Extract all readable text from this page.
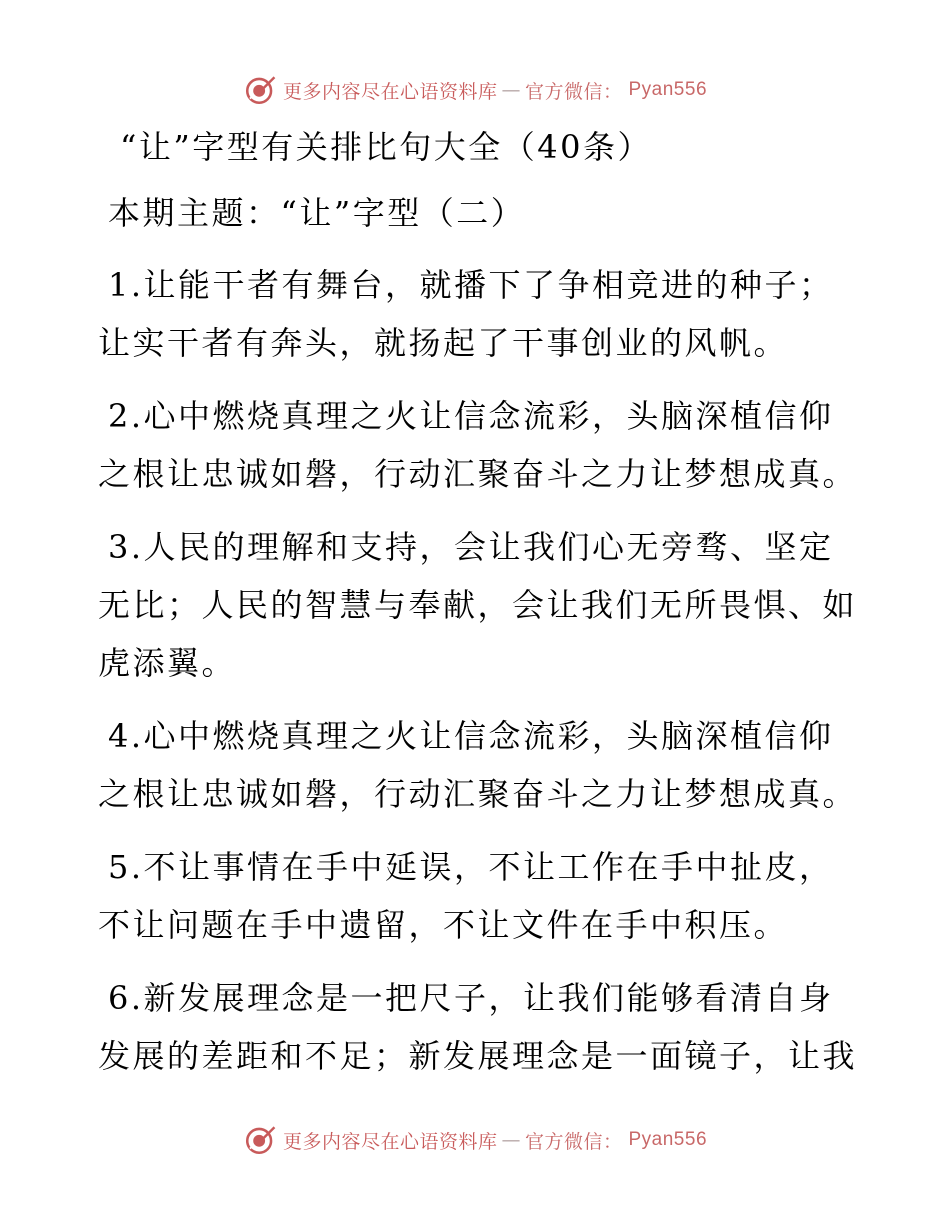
更多内容尽在心语资料库 — 官方微信： Pyan556
“让”字型有关排比句大全（40条）
本期主题：“让”字型（二）
1.让能干者有舞台，就播下了争相竞进的种子；
让实干者有奔头，就扬起了干事创业的风帆。
2.心中燃烧真理之火让信念流彩，头脑深植信仰
之根让忠诚如磐，行动汇聚奋斗之力让梦想成真。
3.人民的理解和支持，会让我们心无旁骛、坚定
无比；人民的智慧与奉献，会让我们无所畏惧、如
虎添翼。
4.心中燃烧真理之火让信念流彩，头脑深植信仰
之根让忠诚如磐，行动汇聚奋斗之力让梦想成真。
5.不让事情在手中延误，不让工作在手中扯皮，
不让问题在手中遗留，不让文件在手中积压。
6.新发展理念是一把尺子，让我们能够看清自身
发展的差距和不足；新发展理念是一面镜子，让我
更多内容尽在心语资料库 — 官方微信： Pyan556
